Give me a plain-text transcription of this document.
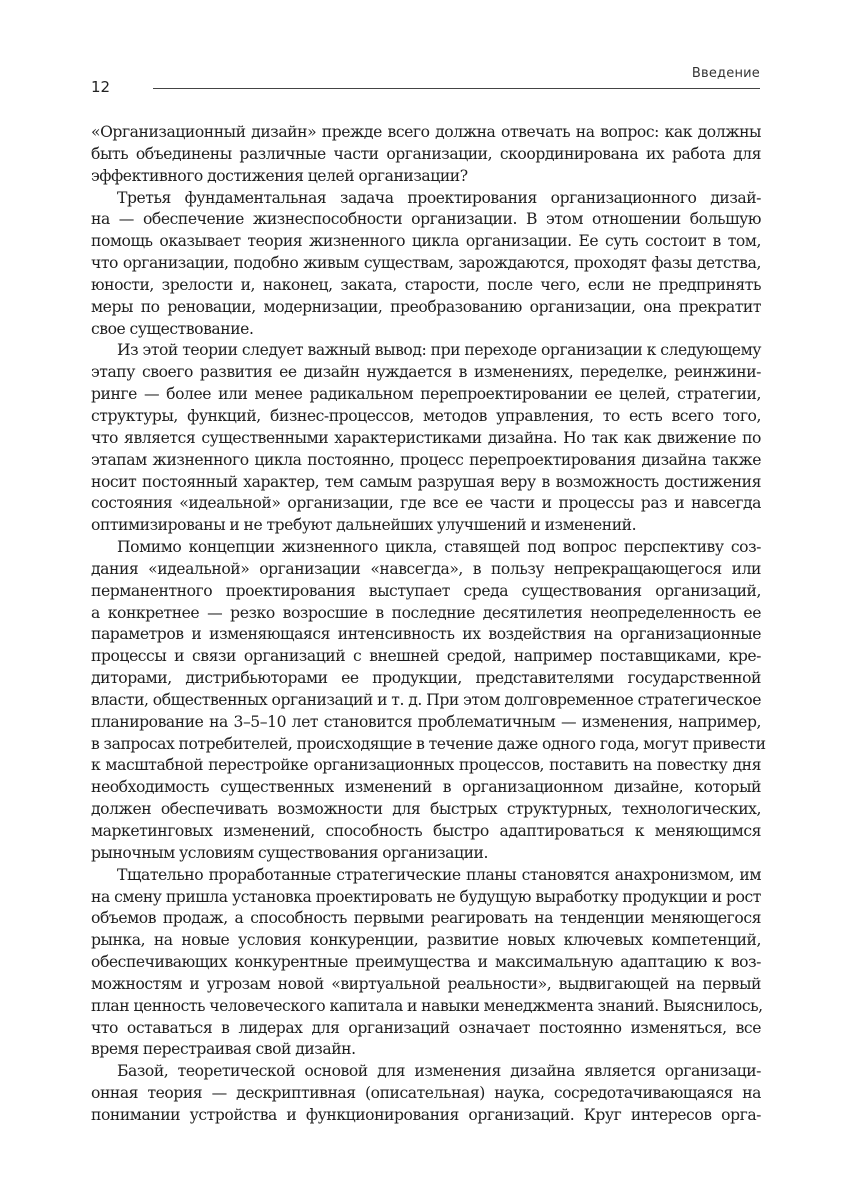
12
Введение
«Организационный дизайн» прежде всего должна отвечать на вопрос: как должны
быть объединены различные части организации, скоординирована их работа для
эффективного достижения целей организации?
Третья фундаментальная задача проектирования организационного дизай-
на — обеспечение жизнеспособности организации. В этом отношении большую
помощь оказывает теория жизненного цикла организации. Ее суть состоит в том,
что организации, подобно живым существам, зарождаются, проходят фазы детства,
юности, зрелости и, наконец, заката, старости, после чего, если не предпринять
меры по реновации, модернизации, преобразованию организации, она прекратит
свое существование.
Из этой теории следует важный вывод: при переходе организации к следующему
этапу своего развития ее дизайн нуждается в изменениях, переделке, реинжини-
ринге — более или менее радикальном перепроектировании ее целей, стратегии,
структуры, функций, бизнес-процессов, методов управления, то есть всего того,
что является существенными характеристиками дизайна. Но так как движение по
этапам жизненного цикла постоянно, процесс перепроектирования дизайна также
носит постоянный характер, тем самым разрушая веру в возможность достижения
состояния «идеальной» организации, где все ее части и процессы раз и навсегда
оптимизированы и не требуют дальнейших улучшений и изменений.
Помимо концепции жизненного цикла, ставящей под вопрос перспективу соз-
дания «идеальной» организации «навсегда», в пользу непрекращающегося или
перманентного проектирования выступает среда существования организаций,
а конкретнее — резко возросшие в последние десятилетия неопределенность ее
параметров и изменяющаяся интенсивность их воздействия на организационные
процессы и связи организаций с внешней средой, например поставщиками, кре-
диторами, дистрибьюторами ее продукции, представителями государственной
власти, общественных организаций и т. д. При этом долговременное стратегическое
планирование на 3–5–10 лет становится проблематичным — изменения, например,
в запросах потребителей, происходящие в течение даже одного года, могут привести
к масштабной перестройке организационных процессов, поставить на повестку дня
необходимость существенных изменений в организационном дизайне, который
должен обеспечивать возможности для быстрых структурных, технологических,
маркетинговых изменений, способность быстро адаптироваться к меняющимся
рыночным условиям существования организации.
Тщательно проработанные стратегические планы становятся анахронизмом, им
на смену пришла установка проектировать не будущую выработку продукции и рост
объемов продаж, а способность первыми реагировать на тенденции меняющегося
рынка, на новые условия конкуренции, развитие новых ключевых компетенций,
обеспечивающих конкурентные преимущества и максимальную адаптацию к воз-
можностям и угрозам новой «виртуальной реальности», выдвигающей на первый
план ценность человеческого капитала и навыки менеджмента знаний. Выяснилось,
что оставаться в лидерах для организаций означает постоянно изменяться, все
время перестраивая свой дизайн.
Базой, теоретической основой для изменения дизайна является организаци-
онная теория — дескриптивная (описательная) наука, сосредотачивающаяся на
понимании устройства и функционирования организаций. Круг интересов орга-
